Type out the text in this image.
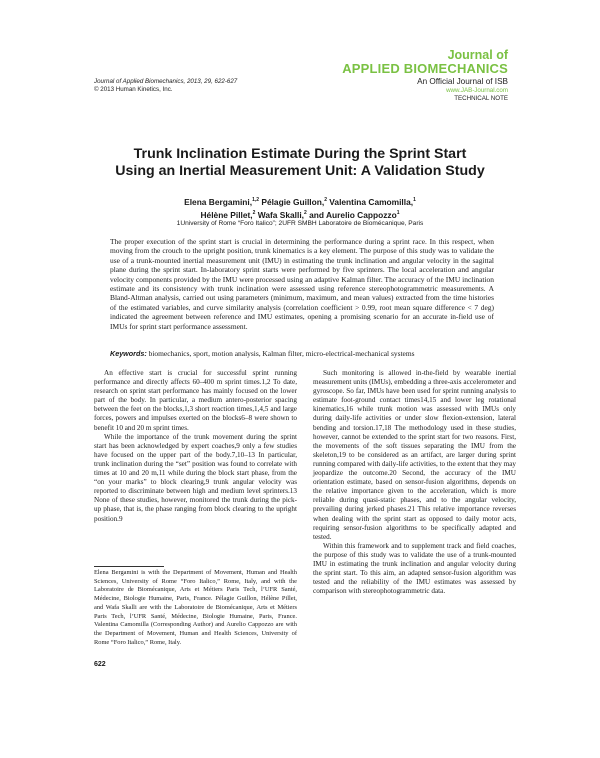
Journal of Applied Biomechanics, 2013, 29, 622-627
© 2013 Human Kinetics, Inc.
Journal of
APPLIED BIOMECHANICS
An Official Journal of ISB
www.JAB-Journal.com
TECHNICAL NOTE
Trunk Inclination Estimate During the Sprint Start
Using an Inertial Measurement Unit: A Validation Study
Elena Bergamini,$^{1,2}$ Pélagie Guillon,$^2$ Valentina Camomilla,$^1$
Hélène Pillet,$^2$ Wafa Skalli,$^2$ and Aurelio Cappozzo$^1$
1University of Rome “Foro Italico”; 2UFR SMBH Laboratoire de Biomécanique, Paris
The proper execution of the sprint start is crucial in determining the performance during a sprint race. In this respect, when moving from the crouch to the upright position, trunk kinematics is a key element. The purpose of this study was to validate the use of a trunk-mounted inertial measurement unit (IMU) in estimating the trunk inclination and angular velocity in the sagittal plane during the sprint start. In-laboratory sprint starts were performed by five sprinters. The local acceleration and angular velocity components provided by the IMU were processed using an adaptive Kalman filter. The accuracy of the IMU inclination estimate and its consistency with trunk inclination were assessed using reference stereophotogrammetric measurements. A Bland-Altman analysis, carried out using parameters (minimum, maximum, and mean values) extracted from the time histories of the estimated variables, and curve similarity analysis (correlation coefficient > 0.99, root mean square difference < 7 deg) indicated the agreement between reference and IMU estimates, opening a promising scenario for an accurate in-field use of IMUs for sprint start performance assessment.
Keywords: biomechanics, sport, motion analysis, Kalman filter, micro-electrical-mechanical systems

An effective start is crucial for successful sprint running performance and directly affects 60–400 m sprint times.1,2 To date, research on sprint start performance has mainly focused on the lower part of the body. In particular, a medium antero-posterior spacing between the feet on the blocks,1,3 short reaction times,1,4,5 and large forces, powers and impulses exerted on the blocks6–8 were shown to benefit 10 and 20 m sprint times.

While the importance of the trunk movement during the sprint start has been acknowledged by expert coaches,9 only a few studies have focused on the upper part of the body.7,10–13 In particular, trunk inclination during the “set” position was found to correlate with times at 10 and 20 m,11 while during the block start phase, from the “on your marks” to block clearing,9 trunk angular velocity was reported to discriminate between high and medium level sprinters.13 None of these studies, however, monitored the trunk during the pick-up phase, that is, the phase ranging from block clearing to the upright position.9

Elena Bergamini is with the Department of Movement, Human and Health Sciences, University of Rome “Foro Italico,” Rome, Italy, and with the Laboratoire de Biomécanique, Arts et Métiers Paris Tech, l’UFR Santé, Médecine, Biologie Humaine, Paris, France. Pélagie Guillon, Hélène Pillet, and Wafa Skalli are with the Laboratoire de Biomécanique, Arts et Métiers Paris Tech, l’UFR Santé, Médecine, Biologie Humaine, Paris, France. Valentina Camomilla (Corresponding Author) and Aurelio Cappozzo are with the Department of Movement, Human and Health Sciences, University of Rome “Foro Italico,” Rome, Italy.

Such monitoring is allowed in-the-field by wearable inertial measurement units (IMUs), embedding a three-axis accelerometer and gyroscope. So far, IMUs have been used for sprint running analysis to estimate foot-ground contact times14,15 and lower leg rotational kinematics,16 while trunk motion was assessed with IMUs only during daily-life activities or under slow flexion-extension, lateral bending and torsion.17,18 The methodology used in these studies, however, cannot be extended to the sprint start for two reasons. First, the movements of the soft tissues separating the IMU from the skeleton,19 to be considered as an artifact, are larger during sprint running compared with daily-life activities, to the extent that they may jeopardize the outcome.20 Second, the accuracy of the IMU orientation estimate, based on sensor-fusion algorithms, depends on the relative importance given to the acceleration, which is more reliable during quasi-static phases, and to the angular velocity, prevailing during jerked phases.21 This relative importance reverses when dealing with the sprint start as opposed to daily motor acts, requiring sensor-fusion algorithms to be specifically adapted and tested.

Within this framework and to supplement track and field coaches, the purpose of this study was to validate the use of a trunk-mounted IMU in estimating the trunk inclination and angular velocity during the sprint start. To this aim, an adapted sensor-fusion algorithm was tested and the reliability of the IMU estimates was assessed by comparison with stereophotogrammetric data.

622
